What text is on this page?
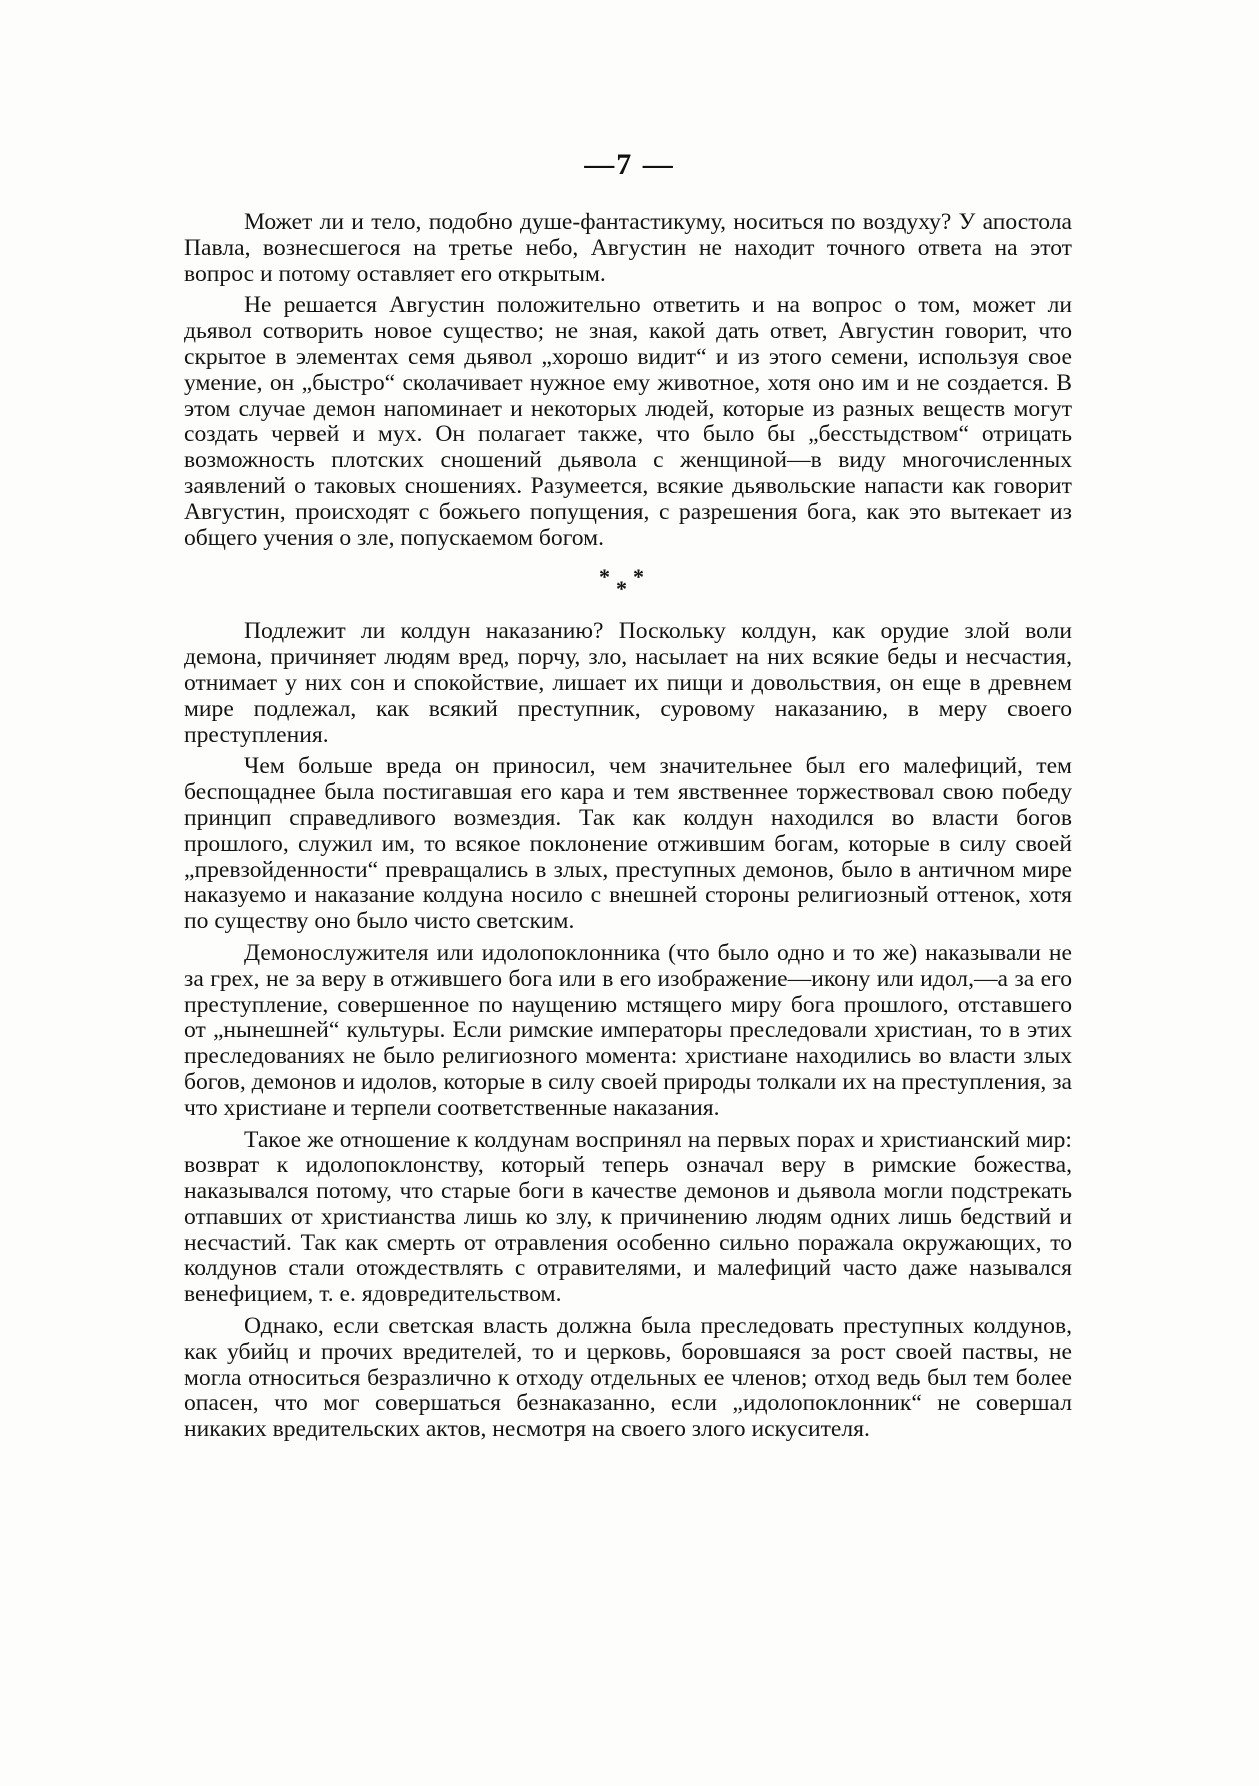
—7 —

Может ли и тело, подобно душе-фантастикуму, носиться по воздуху? У апостола Павла, вознесшегося на третье небо, Августин не находит точного ответа на этот вопрос и потому оставляет его открытым.

Не решается Августин положительно ответить и на вопрос о том, может ли дьявол сотворить новое существо; не зная, какой дать ответ, Августин говорит, что скрытое в элементах семя дьявол „хорошо видит“ и из этого семени, используя свое умение, он „быстро“ сколачивает нужное ему животное, хотя оно им и не создается. В этом случае демон напоминает и некоторых людей, которые из разных веществ могут создать червей и мух. Он полагает также, что было бы „бесстыдством“ отрицать возможность плотских сношений дьявола с женщиной—в виду многочисленных заявлений о таковых сношениях. Разумеется, всякие дьявольские напасти как говорит Августин, происходят с божьего попущения, с разрешения бога, как это вытекает из общего учения о зле, попускаемом богом.

*
*
*

Подлежит ли колдун наказанию? Поскольку колдун, как орудие злой воли демона, причиняет людям вред, порчу, зло, насылает на них всякие беды и несчастия, отнимает у них сон и спокойствие, лишает их пищи и довольствия, он еще в древнем мире подлежал, как всякий преступник, суровому наказанию, в меру своего преступления.

Чем больше вреда он приносил, чем значительнее был его малефиций, тем беспощаднее была постигавшая его кара и тем явственнее торжествовал свою победу принцип справедливого возмездия. Так как колдун находился во власти богов прошлого, служил им, то всякое поклонение отжившим богам, которые в силу своей „превзойденности“ превращались в злых, преступных демонов, было в античном мире наказуемо и наказание колдуна носило с внешней стороны религиозный оттенок, хотя по существу оно было чисто светским.

Демонослужителя или идолопоклонника (что было одно и то же) наказывали не за грех, не за веру в отжившего бога или в его изображение—икону или идол,—а за его преступление, совершенное по наущению мстящего миру бога прошлого, отставшего от „нынешней“ культуры. Если римские императоры преследовали христиан, то в этих преследованиях не было религиозного момента: христиане находились во власти злых богов, демонов и идолов, которые в силу своей природы толкали их на преступления, за что христиане и терпели соответственные наказания.

Такое же отношение к колдунам воспринял на первых порах и христианский мир: возврат к идолопоклонству, который теперь означал веру в римские божества, наказывался потому, что старые боги в качестве демонов и дьявола могли подстрекать отпавших от христианства лишь ко злу, к причинению людям одних лишь бедствий и несчастий. Так как смерть от отравления особенно сильно поражала окружающих, то колдунов стали отождествлять с отравителями, и малефиций часто даже назывался венефицием, т. е. ядовредительством.

Однако, если светская власть должна была преследовать преступных колдунов, как убийц и прочих вредителей, то и церковь, боровшаяся за рост своей паствы, не могла относиться безразлично к отходу отдельных ее членов; отход ведь был тем более опасен, что мог совершаться безнаказанно, если „идолопоклонник“ не совершал никаких вредительских актов, несмотря на своего злого искусителя.
